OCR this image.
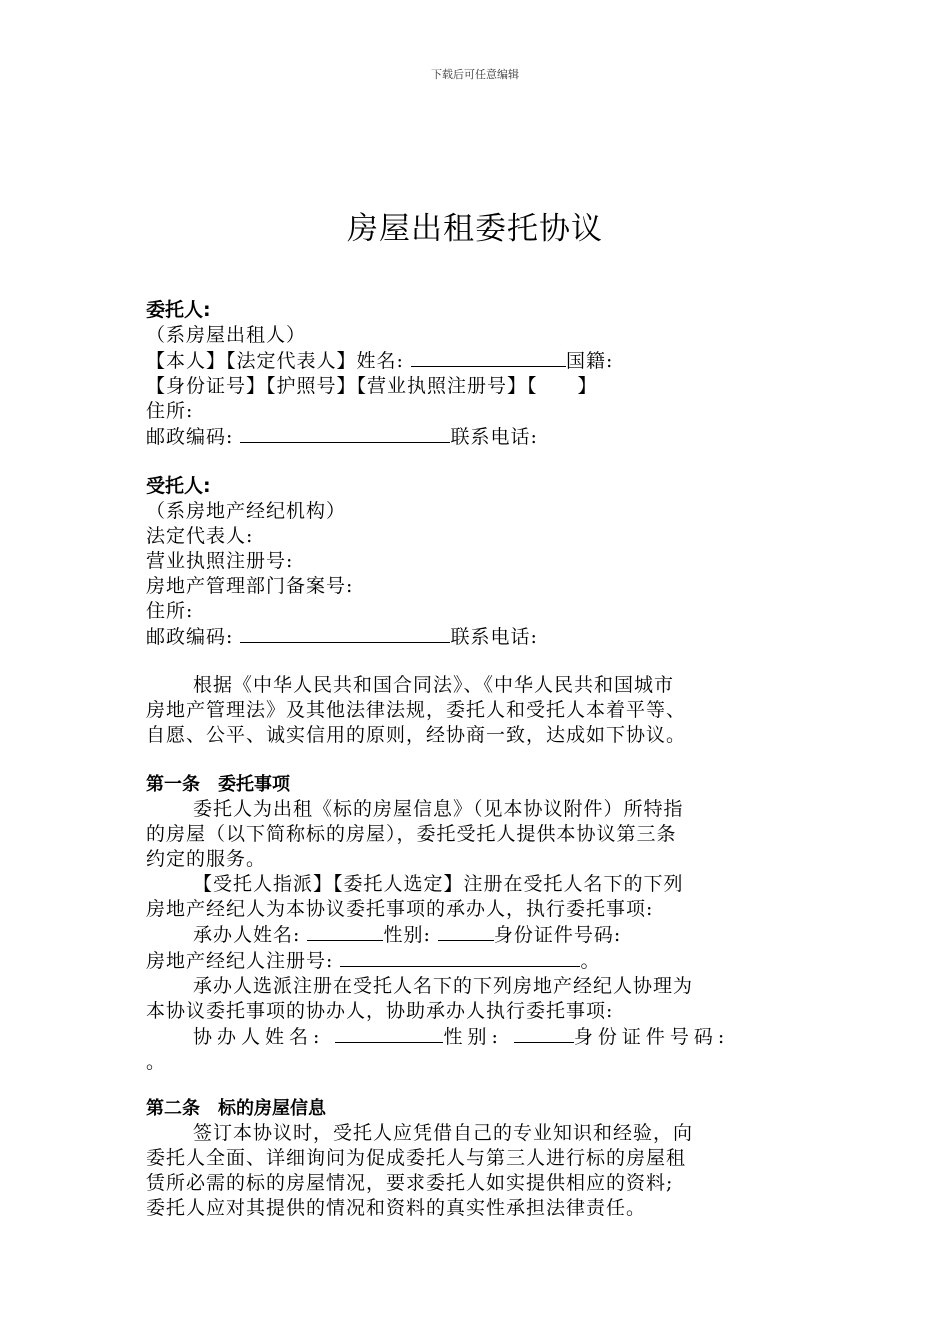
下载后可任意编辑
房屋出租委托协议
委托人:
（系房屋出租人）
【本人】【法定代表人】姓名:	国籍:
【身份证号】【护照号】【营业执照注册号】【　　】
住所:
邮政编码:	联系电话:
受托人:
（系房地产经纪机构）
法定代表人:
营业执照注册号:
房地产管理部门备案号:
住所:
邮政编码:	联系电话:
根据《中华人民共和国合同法》、《中华人民共和国城市
房地产管理法》及其他法律法规，委托人和受托人本着平等、
自愿、公平、诚实信用的原则，经协商一致，达成如下协议。
第一条　委托事项
委托人为出租《标的房屋信息》（见本协议附件）所特指
的房屋（以下简称标的房屋），委托受托人提供本协议第三条
约定的服务。
【受托人指派】【委托人选定】注册在受托人名下的下列
房地产经纪人为本协议委托事项的承办人，执行委托事项:
承办人姓名:	性别:	身份证件号码:
房地产经纪人注册号:	。
承办人选派注册在受托人名下的下列房地产经纪人协理为
本协议委托事项的协办人，协助承办人执行委托事项:
协办人姓名:	性别:	身份证件号码:
。
第二条　标的房屋信息
签订本协议时，受托人应凭借自己的专业知识和经验，向
委托人全面、详细询问为促成委托人与第三人进行标的房屋租
赁所必需的标的房屋情况，要求委托人如实提供相应的资料;
委托人应对其提供的情况和资料的真实性承担法律责任。
